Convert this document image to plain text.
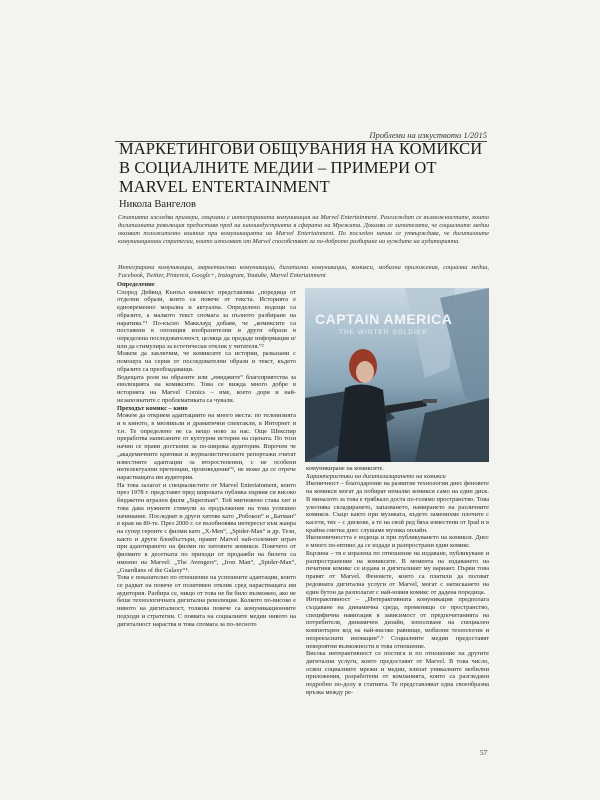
Проблеми на изкуството 1/2015
МАРКЕТИНГОВИ ОБЩУВАНИЯ НА КОМИКСИ В СОЦИАЛНИТЕ МЕДИИ – ПРИМЕРИ ОТ MARVEL ENTERTAINMENT
Никола Вангелов

Статията изследва примери, свързани с интегрираната комуникация на Marvel Entertainment. Разглеждат се възможностите, които дигиталната революция предоставя пред на киноиндустрията в сферата на Мрежата. Доказва се хипотезата, че социалните медии оказват положително влияние при комуникацията на Marvel Entertainment. По последен начин се утвърждава, че дигиталните комуникационни стратегии, които използват от Marvel способстват за по-доброто разбиране на нуждите на аудиторията.

Интегрирани комуникации, маркетингови комуникации, дигитални комуникации, комикси, мобилни приложения, социални медии, Facebook, Twitter, Pinterest, Google+, Instagram, Youtube, Marvel Entertainment

Определение

Според Дейвид Кънзъл комиксът представлява „поредица от отделни образи, които са повече от текста. Историята е едновременно морална и актуална. Определено водещи са образите, а малкото текст спомага за пълното разбиране на нaратива.“¹ По-късно Макклауд добавя, че „комиксите са поставени в опозиция изобразителни и други образи в определена последователност, целяща да предаде информация и/или да стимулира за естетически отклик у читателя.“²

Можем да заключим, че комиксите са истории, разказани с помощта на серия от последователни образи и текст, където образите са преобладаващи.

Водещата роля на образите или „емиджите“ благоприятства за еволюцията на комиксите. Това се вижда много добре в историята на Marvel Comics – име, което дори и най-незапознатите с проблематиката са чували.

Преходът комикс – кино

Можем да открием адаптациите на много места: по телевизията и в киното, в мюзикъли и драматични спектакли, в Интернет и т.н. Те определено не са нещо ново за нас. Още Шекспир преработва написаните от културни истории на сцената. По този начин се прави достъпни за по-широка аудитория. Впрочем че „академичните критики и журналистическите репортажи считат известните адаптации за второстепенни, с не особени интелектуални претенции, произведения“³, не може да се отрече нарастващата им аудитория.

На това залагат и специалистите от Marvel Entertainment, които през 1978 г. представят пред широката публика първия си високо бюджетен игрален филм „Superman“. Той мигновено става хит и това дава нужните стимули за продължение на това успешно начинание. Последват и други хитове като „Робокоп“ и „Батман“ в края на 80-те. През 2000 г. се възобновява интересът към жанра на супер героите с филми като „X-Men“, „Spider-Man“ и др. Тези, както и други блокбъстъри, правят Marvel най-големият играч при адаптирането на филми по хитовите комикси. Повечето от филмите в десетката по приходи от продажби на билети са именно на Marvel: „The Avengers“, „Iron Man“, „Spider-Man“, „Guardians of the Galaxy“⁴.

Това е показателно по отношение на успешните адаптации, които се радват на повече от позитивен отклик сред нарастващата им аудитория. Разбира се, нищо от това не би било възможно, ако не беше технологичната дигитална революция. Колкото по-високо е нивото на дигиталност, толкова повече са комуникационните подходи и стратегии. С появата на социалните медии нивото на дигиталност нараства и това спомага за по-лесното

CAPTAIN AMERICA
THE WINTER SOLDIER

комуникиране на комиксите.

Характеристики на дигитализирането на комикси

Иконичност – благодарение на развитие технологии днес феновете на комикси могат да побират немалко комикси само на един диск. В миналото за това е трябвало доста по-голямо пространство. Това улеснява складирането, запазването, намирането на различните комикси. Също както при музиката, където заменихме плочите с касети, тях – с дискове, а те на свой ред бяха изместени от Ipad и в крайна сметка днес слушаме музика онлайн.

Икономичността е водеща и при публикуването на комикси. Днес е много по-евтино да се издаде и разпространи един комикс.

Бързина – тя е изразена по отношение на издаване, публикуване и разпространение на комиксите. В момента на издаването на печатния комикс се издава и дигиталният му вариант. Първи това правят от Marvel. Феновете, които са платили да ползват редовната дигитална услуги от Marvel, могат с натискането на един бутон да разполагат с най-новия комикс от дадена поредица.

Интерактивност – „Интерактивната комуникация предполага създаване на динамична среда, променящо се пространство, специфична навигация в зависимост от предпочитанията на потребителя, динамичен дизайн, използване на специален компютърен код на най-високо равнище, мобилни технологии и непрекъснати иновации“.⁵ Социалните медии предоставят невероятни възможности в това отношение.

Висока интерактивност се постига и по отношение на другите дигитални услуги, които предоставят от Marvel. В това число, освен социалните мрежи и медии, влизат уникалните мобилни приложения, разработени от компанията, които са разгледани подробно по-долу в статията. Те представляват една своеобразна връзка между ре-

57
